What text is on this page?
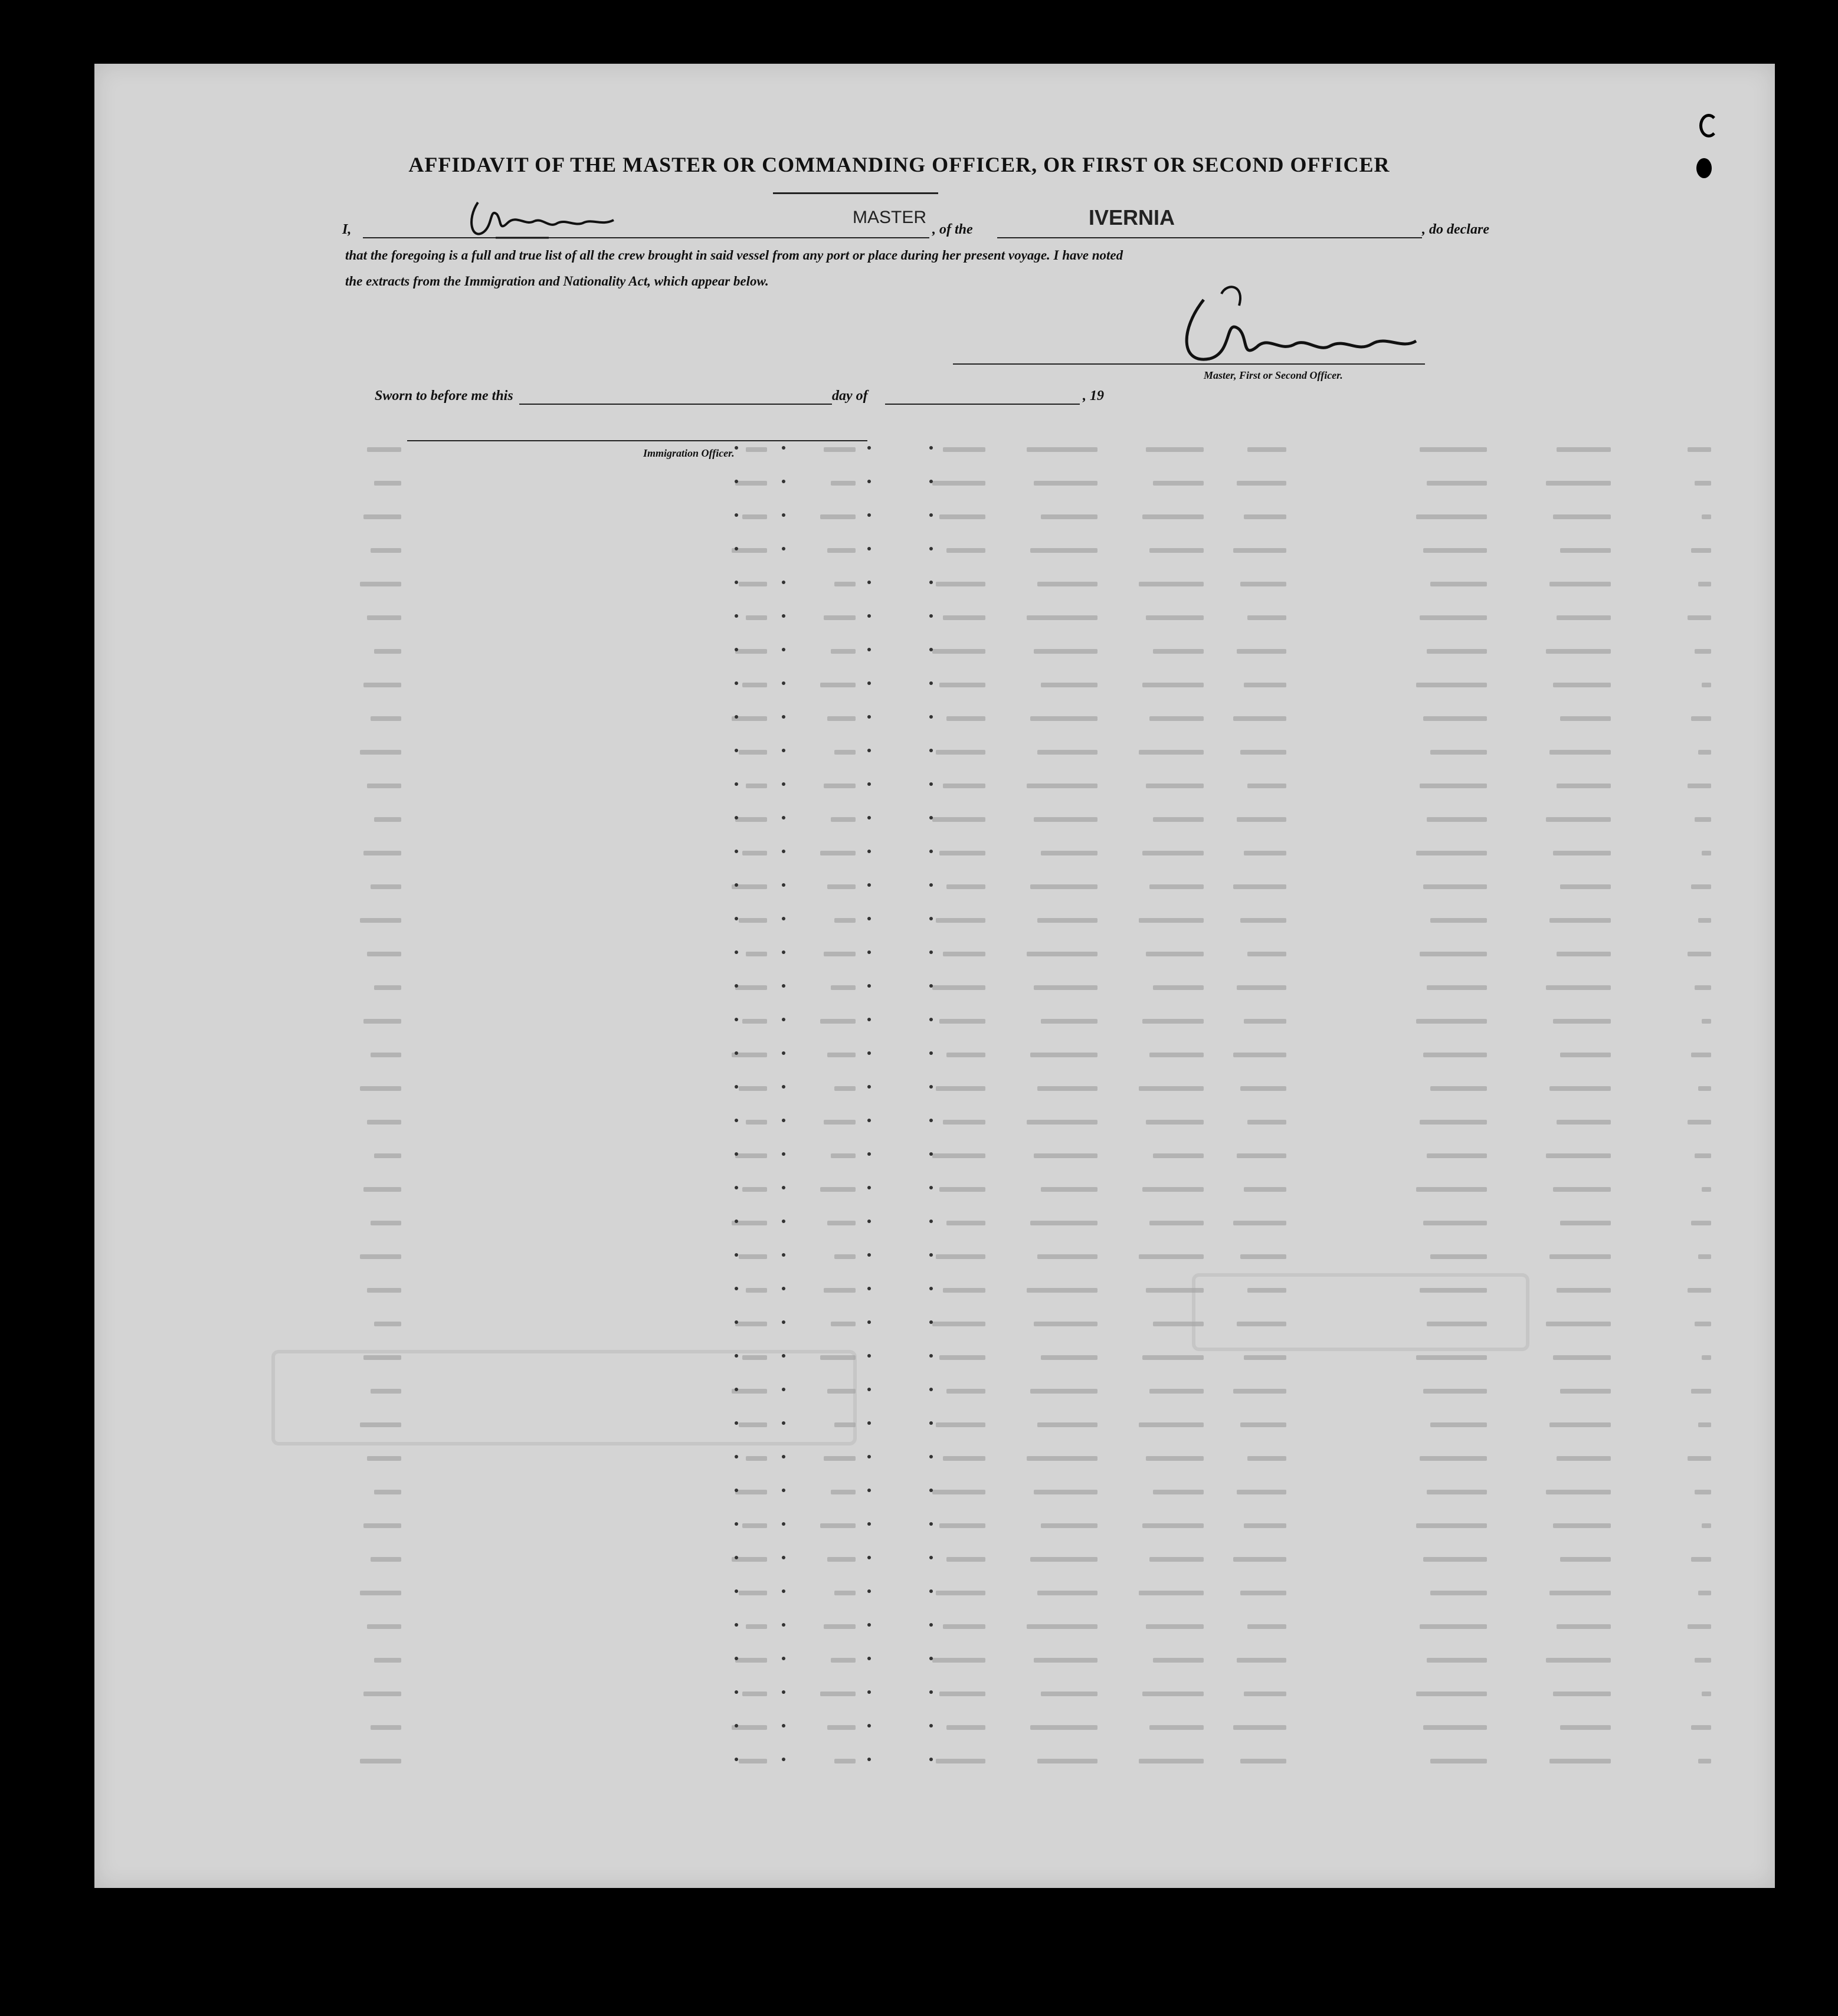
AFFIDAVIT OF THE MASTER OR COMMANDING OFFICER, OR FIRST OR SECOND OFFICER
I,
MASTER
, of the	IVERNIA	, do declare
that the foregoing is a full and true list of all the crew brought in said vessel from any port or place during her present voyage. I have noted
the extracts from the Immigration and Nationality Act, which appear below.
Master, First or Second Officer.
Sworn to before me this	day of	, 19
Immigration Officer.
